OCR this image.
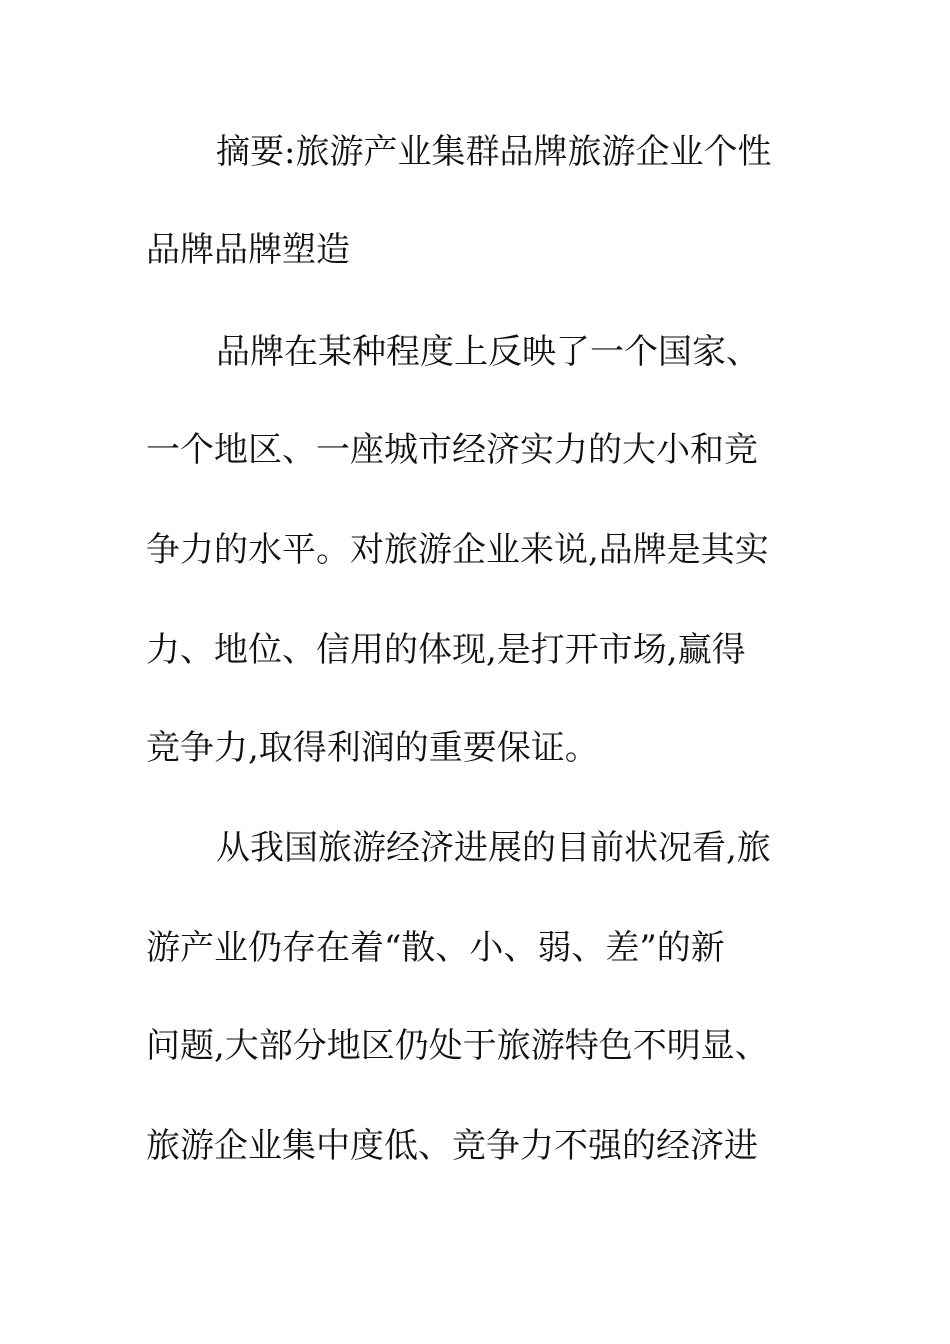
摘要:旅游产业集群品牌旅游企业个性
品牌品牌塑造
品牌在某种程度上反映了一个国家、
一个地区、一座城市经济实力的大小和竞
争力的水平。对旅游企业来说,品牌是其实
力、地位、信用的体现,是打开市场,赢得
竞争力,取得利润的重要保证。
从我国旅游经济进展的目前状况看,旅
游产业仍存在着“散、小、弱、差”的新
问题,大部分地区仍处于旅游特色不明显、
旅游企业集中度低、竞争力不强的经济进
